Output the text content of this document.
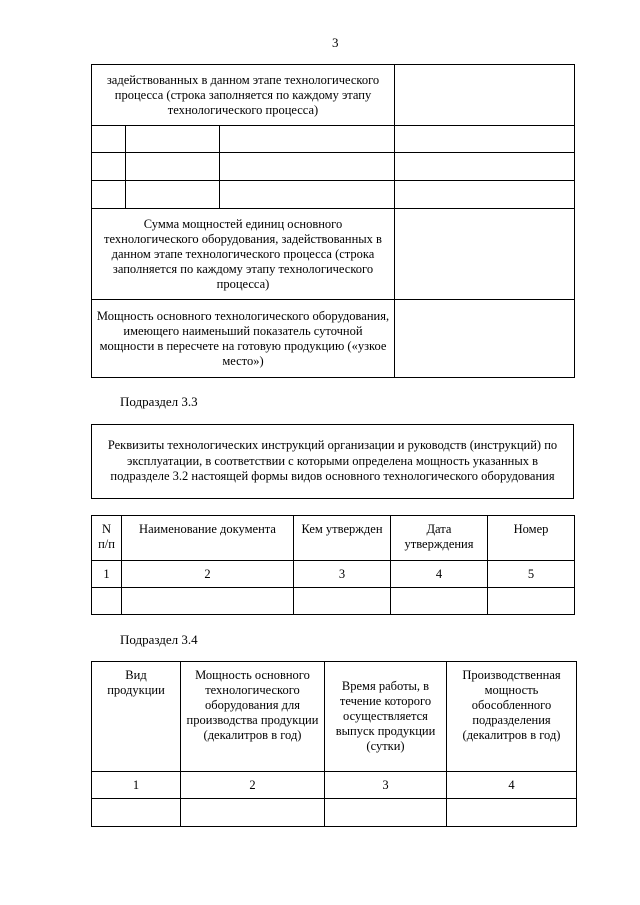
3
задействованных в данном этапе технологического процесса (строка заполняется по каждому этапу технологического процесса)			

Сумма мощностей единиц основного технологического оборудования, задействованных в данном этапе технологического процесса (строка заполняется по каждому этапу технологического процесса)			
Мощность основного технологического оборудования, имеющего наименьший показатель суточной мощности в пересчете на готовую продукцию («узкое место»)			
Подраздел 3.3
Реквизиты технологических инструкций организации и руководств (инструкций) по эксплуатации, в соответствии с которыми определена мощность указанных в подразделе 3.2 настоящей формы видов основного технологического оборудования
N п/п	Наименование документа	Кем утвержден	Дата утверждения	Номер
1	2	3	4	5

Подраздел 3.4
Вид продукции	Мощность основного технологического оборудования для производства продукции (декалитров в год)	Время работы, в течение которого осуществляется выпуск продукции (сутки)	Производственная мощность обособленного подразделения (декалитров в год)
1	2	3	4
